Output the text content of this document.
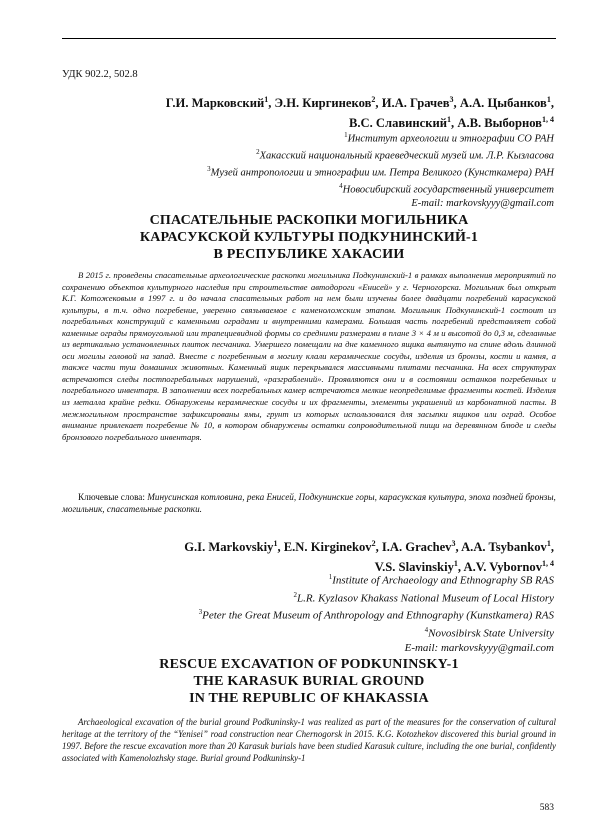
УДК 902.2, 502.8
Г.И. Марковский$^1$, Э.Н. Киргинеков$^2$, И.А. Грачев$^3$, А.А. Цыбанков$^1$,
В.С. Славинский$^1$, А.В. Выборнов$^{1, 4}$
$^1$Институт археологии и этнографии СО РАН
$^2$Хакасский национальный краеведческий музей им. Л.Р. Кызласова
$^3$Музей антропологии и этнографии им. Петра Великого (Кунсткамера) РАН
$^4$Новосибирский государственный университет
E-mail: markovskyyy@gmail.com
СПАСАТЕЛЬНЫЕ РАСКОПКИ МОГИЛЬНИКА
КАРАСУКСКОЙ КУЛЬТУРЫ ПОДКУНИНСКИЙ-1
В РЕСПУБЛИКЕ ХАКАСИИ

В 2015 г. проведены спасательные археологические раскопки могильника Подкунинский-1 в рамках выполнения мероприятий по сохранению объектов культурного наследия при строительстве автодороги «Енисей» у г. Черногорска. Могильник был открыт К.Г. Котожековым в 1997 г. и до начала спасательных работ на нем были изучены более двадцати погребений карасукской культуры, в т.ч. одно погребение, уверенно связываемое с каменоложским этапом. Могильник Подкунинский-1 состоит из погребальных конструкций с каменными оградами и внутренними камерами. Большая часть погребений представляет собой каменные ограды прямоугольной или трапециевидной формы со средними размерами в плане 3 × 4 м и высотой до 0,3 м, сделанные из вертикально установленных плиток песчаника. Умершего помещали на дне каменного ящика вытянуто на спине вдоль длинной оси могилы головой на запад. Вместе с погребенным в могилу клали керамические сосуды, изделия из бронзы, кости и камня, а также части туш домашних животных. Каменный ящик перекрывался массивными плитами песчаника. На всех структурах встречаются следы постпогребальных нарушений, «разграблений». Проявляются они и в состоянии останков погребенных и погребального инвентаря. В заполнении всех погребальных камер встречаются мелкие неопределимые фрагменты костей. Изделия из металла крайне редки. Обнаружены керамические сосуды и их фрагменты, элементы украшений из карбонатной пасты. В межмогильном пространстве зафиксированы ямы, грунт из которых использовался для засыпки ящиков или оград. Особое внимание привлекает погребение № 10, в котором обнаружены остатки сопроводительной пищи на деревянном блюде и следы бронзового погребального инвентаря.

Ключевые слова: Минусинская котловина, река Енисей, Подкунинские горы, карасукская культура, эпоха поздней бронзы, могильник, спасательные раскопки.

G.I. Markovskiy$^1$, E.N. Kirginekov$^2$, I.A. Grachev$^3$, A.A. Tsybankov$^1$,
V.S. Slavinskiy$^1$, A.V. Vybornov$^{1, 4}$
$^1$Institute of Archaeology and Ethnography SB RAS
$^2$L.R. Kyzlasov Khakass National Museum of Local History
$^3$Peter the Great Museum of Anthropology and Ethnography (Kunstkamera) RAS
$^4$Novosibirsk State University
E-mail: markovskyyy@gmail.com
RESCUE EXCAVATION OF PODKUNINSKY-1
THE KARASUK BURIAL GROUND
IN THE REPUBLIC OF KHAKASSIA

Archaeological excavation of the burial ground Podkuninsky-1 was realized as part of the measures for the conservation of cultural heritage at the territory of the “Yenisei” road construction near Chernogorsk in 2015. K.G. Kotozhekov discovered this burial ground in 1997. Before the rescue excavation more than 20 Karasuk burials have been studied Karasuk culture, including the one burial, confidently associated with Kamenolozhsky stage. Burial ground Podkuninsky-1

583
